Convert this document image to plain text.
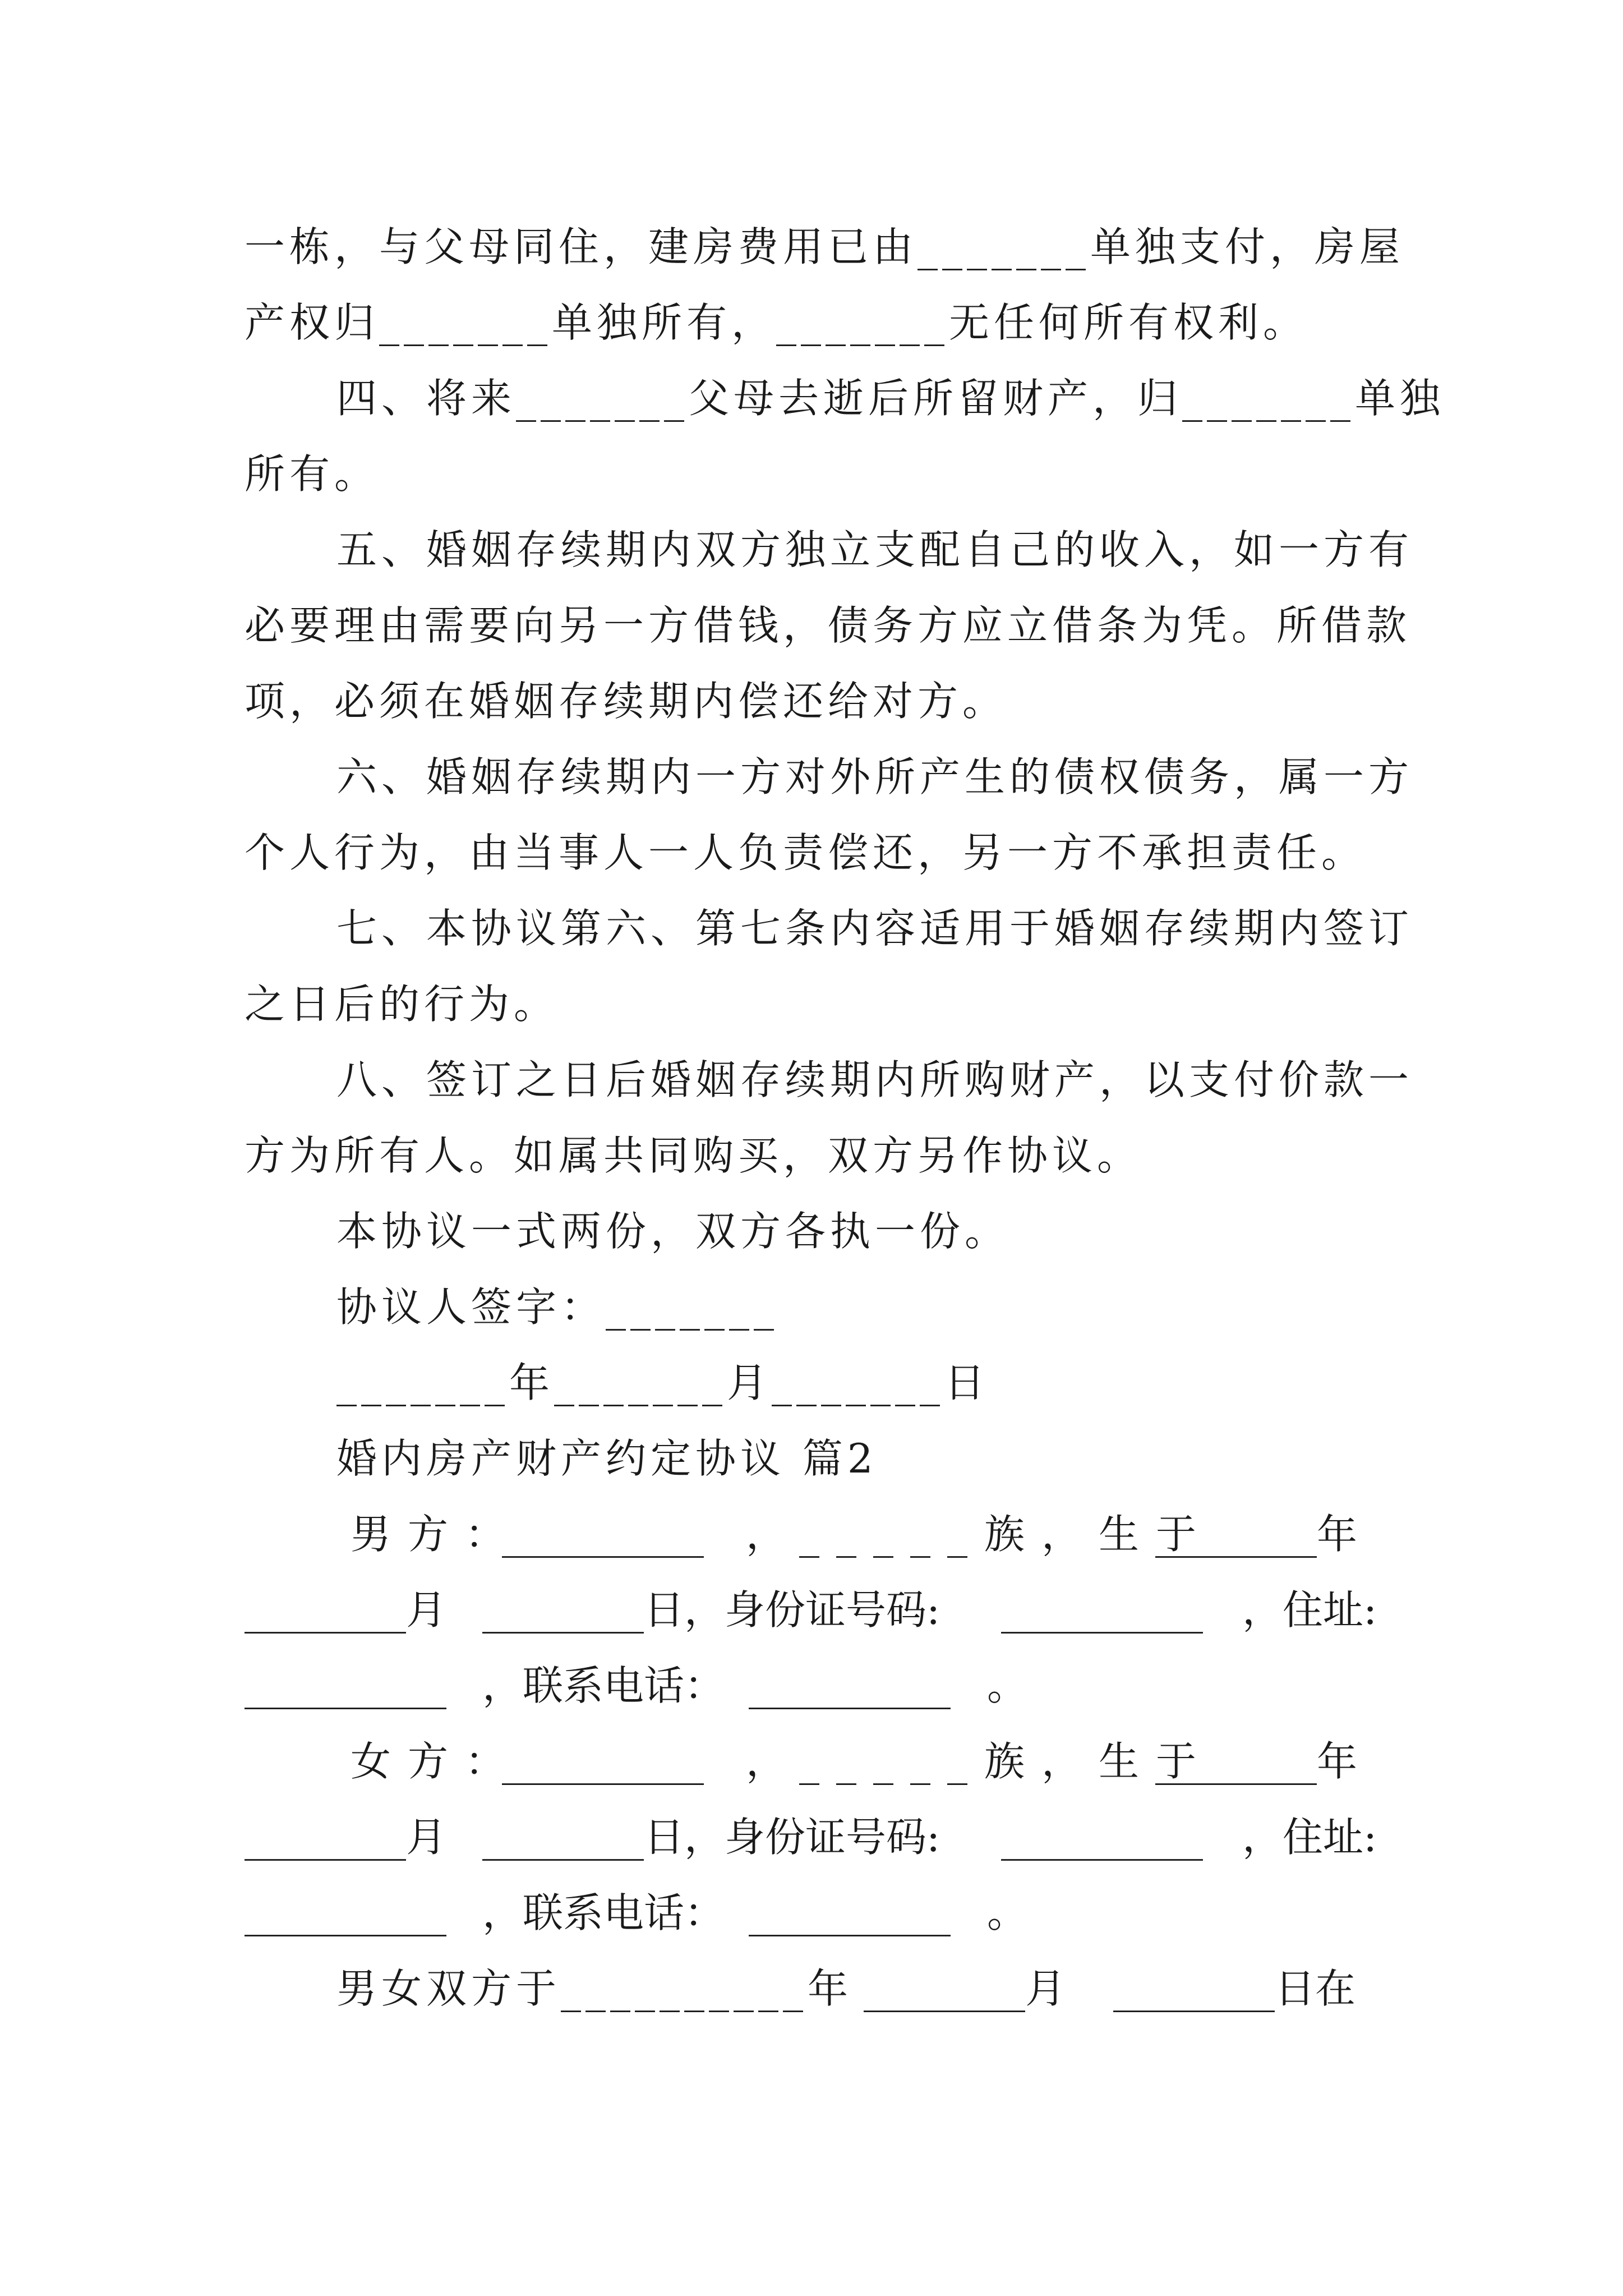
一栋，与父母同住，建房费用已由_______单独支付，房屋
产权归_______单独所有，_______无任何所有权利。
四、将来_______父母去逝后所留财产，归_______单独
所有。
五、婚姻存续期内双方独立支配自己的收入，如一方有
必要理由需要向另一方借钱，债务方应立借条为凭。所借款
项，必须在婚姻存续期内偿还给对方。
六、婚姻存续期内一方对外所产生的债权债务，属一方
个人行为，由当事人一人负责偿还，另一方不承担责任。
七、本协议第六、第七条内容适用于婚姻存续期内签订
之日后的行为。
八、签订之日后婚姻存续期内所购财产，以支付价款一
方为所有人。如属共同购买，双方另作协议。
本协议一式两份，双方各执一份。
协议人签字：_______
_______年_______月_______日
婚内房产财产约定协议 篇2
男方：
__________ ， _____族，生于
________年
________月 ________日，身份证号码: __________ ，住址:
__________ ，联系电话： __________ 。
女方：
__________ ， _____族，生于
________年
________月 ________日，身份证号码: __________ ，住址:
__________ ，联系电话： __________ 。
男女双方于__________年 ________月 ________日在
